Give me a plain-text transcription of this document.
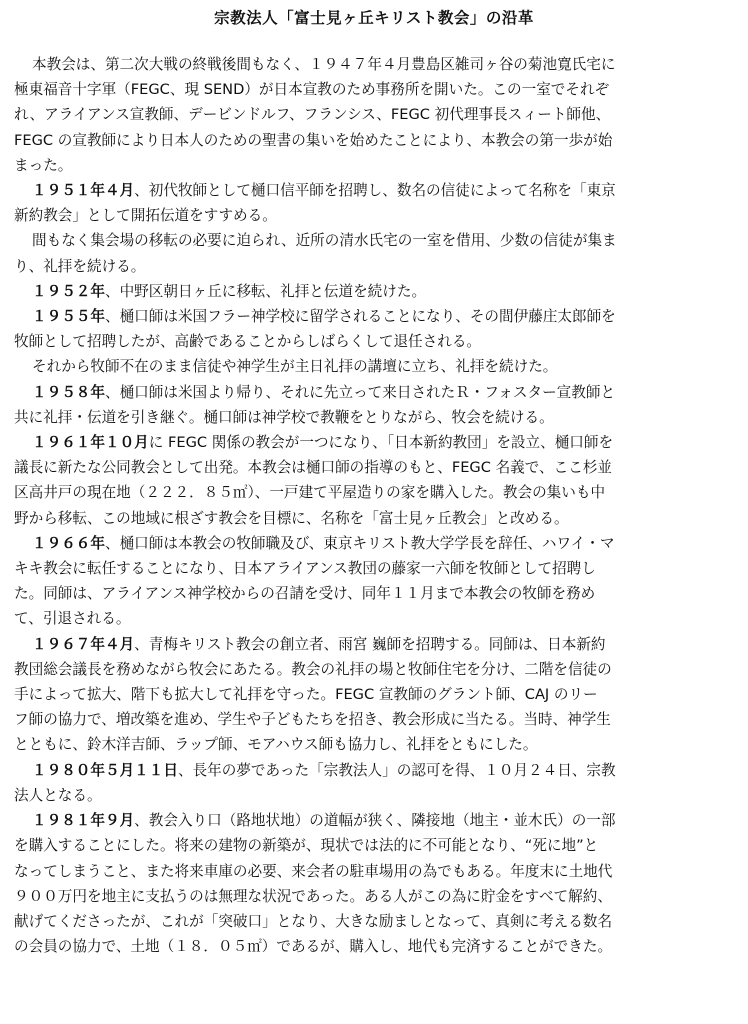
宗教法人「富士見ヶ丘キリスト教会」の沿革

本教会は、第二次大戦の終戦後間もなく、１９４７年４月豊島区雑司ヶ谷の菊池寛氏宅に
極東福音十字軍（FEGC、現 SEND）が日本宣教のため事務所を開いた。この一室でそれぞ
れ、アライアンス宣教師、デービンドルフ、フランシス、FEGC 初代理事長スィート師他、
FEGC の宣教師により日本人のための聖書の集いを始めたことにより、本教会の第一歩が始
まった。

１９５１年４月、初代牧師として樋口信平師を招聘し、数名の信徒によって名称を「東京
新約教会」として開拓伝道をすすめる。

間もなく集会場の移転の必要に迫られ、近所の清水氏宅の一室を借用、少数の信徒が集ま
り、礼拝を続ける。

１９５２年、中野区朝日ヶ丘に移転、礼拝と伝道を続けた。

１９５５年、樋口師は米国フラー神学校に留学されることになり、その間伊藤庄太郎師を
牧師として招聘したが、高齢であることからしばらくして退任される。

それから牧師不在のまま信徒や神学生が主日礼拝の講壇に立ち、礼拝を続けた。

１９５８年、樋口師は米国より帰り、それに先立って来日されたＲ・フォスター宣教師と
共に礼拝・伝道を引き継ぐ。樋口師は神学校で教鞭をとりながら、牧会を続ける。

１９６１年１０月に FEGC 関係の教会が一つになり、「日本新約教団」を設立、樋口師を
議長に新たな公同教会として出発。本教会は樋口師の指導のもと、FEGC 名義で、ここ杉並
区高井戸の現在地（２２２．８５㎡）、一戸建て平屋造りの家を購入した。教会の集いも中
野から移転、この地域に根ざす教会を目標に、名称を「富士見ヶ丘教会」と改める。

１９６６年、樋口師は本教会の牧師職及び、東京キリスト教大学学長を辞任、ハワイ・マ
キキ教会に転任することになり、日本アライアンス教団の藤家一六師を牧師として招聘し
た。同師は、アライアンス神学校からの召請を受け、同年１１月まで本教会の牧師を務め
て、引退される。

１９６７年４月、青梅キリスト教会の創立者、雨宮 巍師を招聘する。同師は、日本新約
教団総会議長を務めながら牧会にあたる。教会の礼拝の場と牧師住宅を分け、二階を信徒の
手によって拡大、階下も拡大して礼拝を守った。FEGC 宣教師のグラント師、CAJ のリー
フ師の協力で、増改築を進め、学生や子どもたちを招き、教会形成に当たる。当時、神学生
とともに、鈴木洋吉師、ラップ師、モアハウス師も協力し、礼拝をともにした。

１９８０年５月１１日、長年の夢であった「宗教法人」の認可を得、１０月２４日、宗教
法人となる。

１９８１年９月、教会入り口（路地状地）の道幅が狭く、隣接地（地主・並木氏）の一部
を購入することにした。将来の建物の新築が、現状では法的に不可能となり、“死に地”と
なってしまうこと、また将来車庫の必要、来会者の駐車場用の為でもある。年度末に土地代
９００万円を地主に支払うのは無理な状況であった。ある人がこの為に貯金をすべて解約、
献げてくださったが、これが「突破口」となり、大きな励ましとなって、真剣に考える数名
の会員の協力で、土地（１８．０５㎡）であるが、購入し、地代も完済することができた。
